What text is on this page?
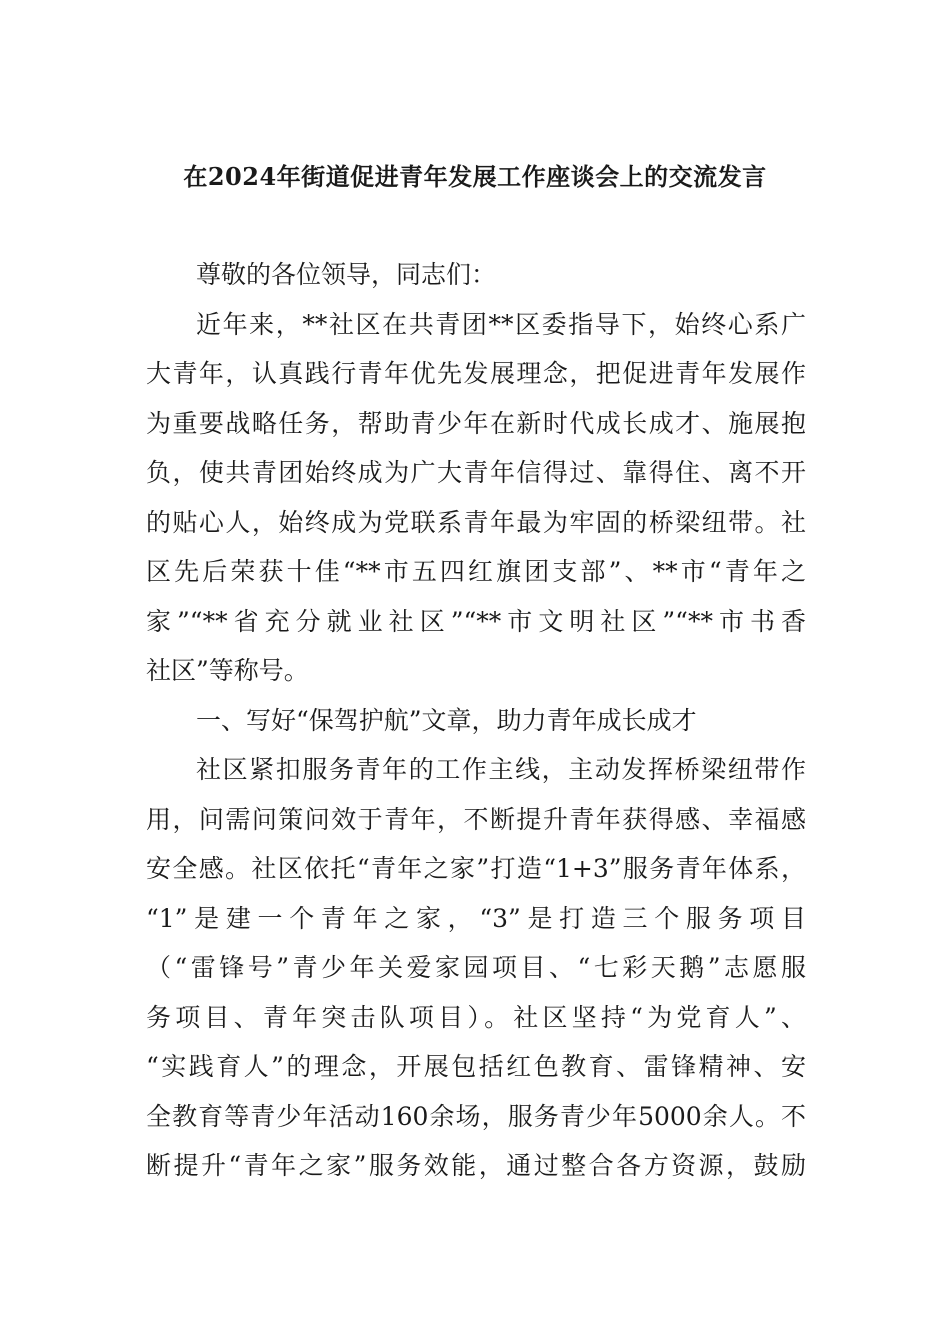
在2024年街道促进青年发展工作座谈会上的交流发言
尊敬的各位领导，同志们：
近年来，**社区在共青团**区委指导下，始终心系广
大青年，认真践行青年优先发展理念，把促进青年发展作
为重要战略任务，帮助青少年在新时代成长成才、施展抱
负，使共青团始终成为广大青年信得过、靠得住、离不开
的贴心人，始终成为党联系青年最为牢固的桥梁纽带。社
区先后荣获十佳“**市五四红旗团支部”、**市“青年之
家”“**省充分就业社区”“**市文明社区”“**市书香
社区”等称号。
一、写好“保驾护航”文章，助力青年成长成才
社区紧扣服务青年的工作主线，主动发挥桥梁纽带作
用，问需问策问效于青年，不断提升青年获得感、幸福感
安全感。社区依托“青年之家”打造“1+3”服务青年体系，
“1”是建一个青年之家，“3”是打造三个服务项目
（“雷锋号”青少年关爱家园项目、“七彩天鹅”志愿服
务项目、青年突击队项目）。社区坚持“为党育人”、
“实践育人”的理念，开展包括红色教育、雷锋精神、安
全教育等青少年活动160余场，服务青少年5000余人。不
断提升“青年之家”服务效能，通过整合各方资源，鼓励
